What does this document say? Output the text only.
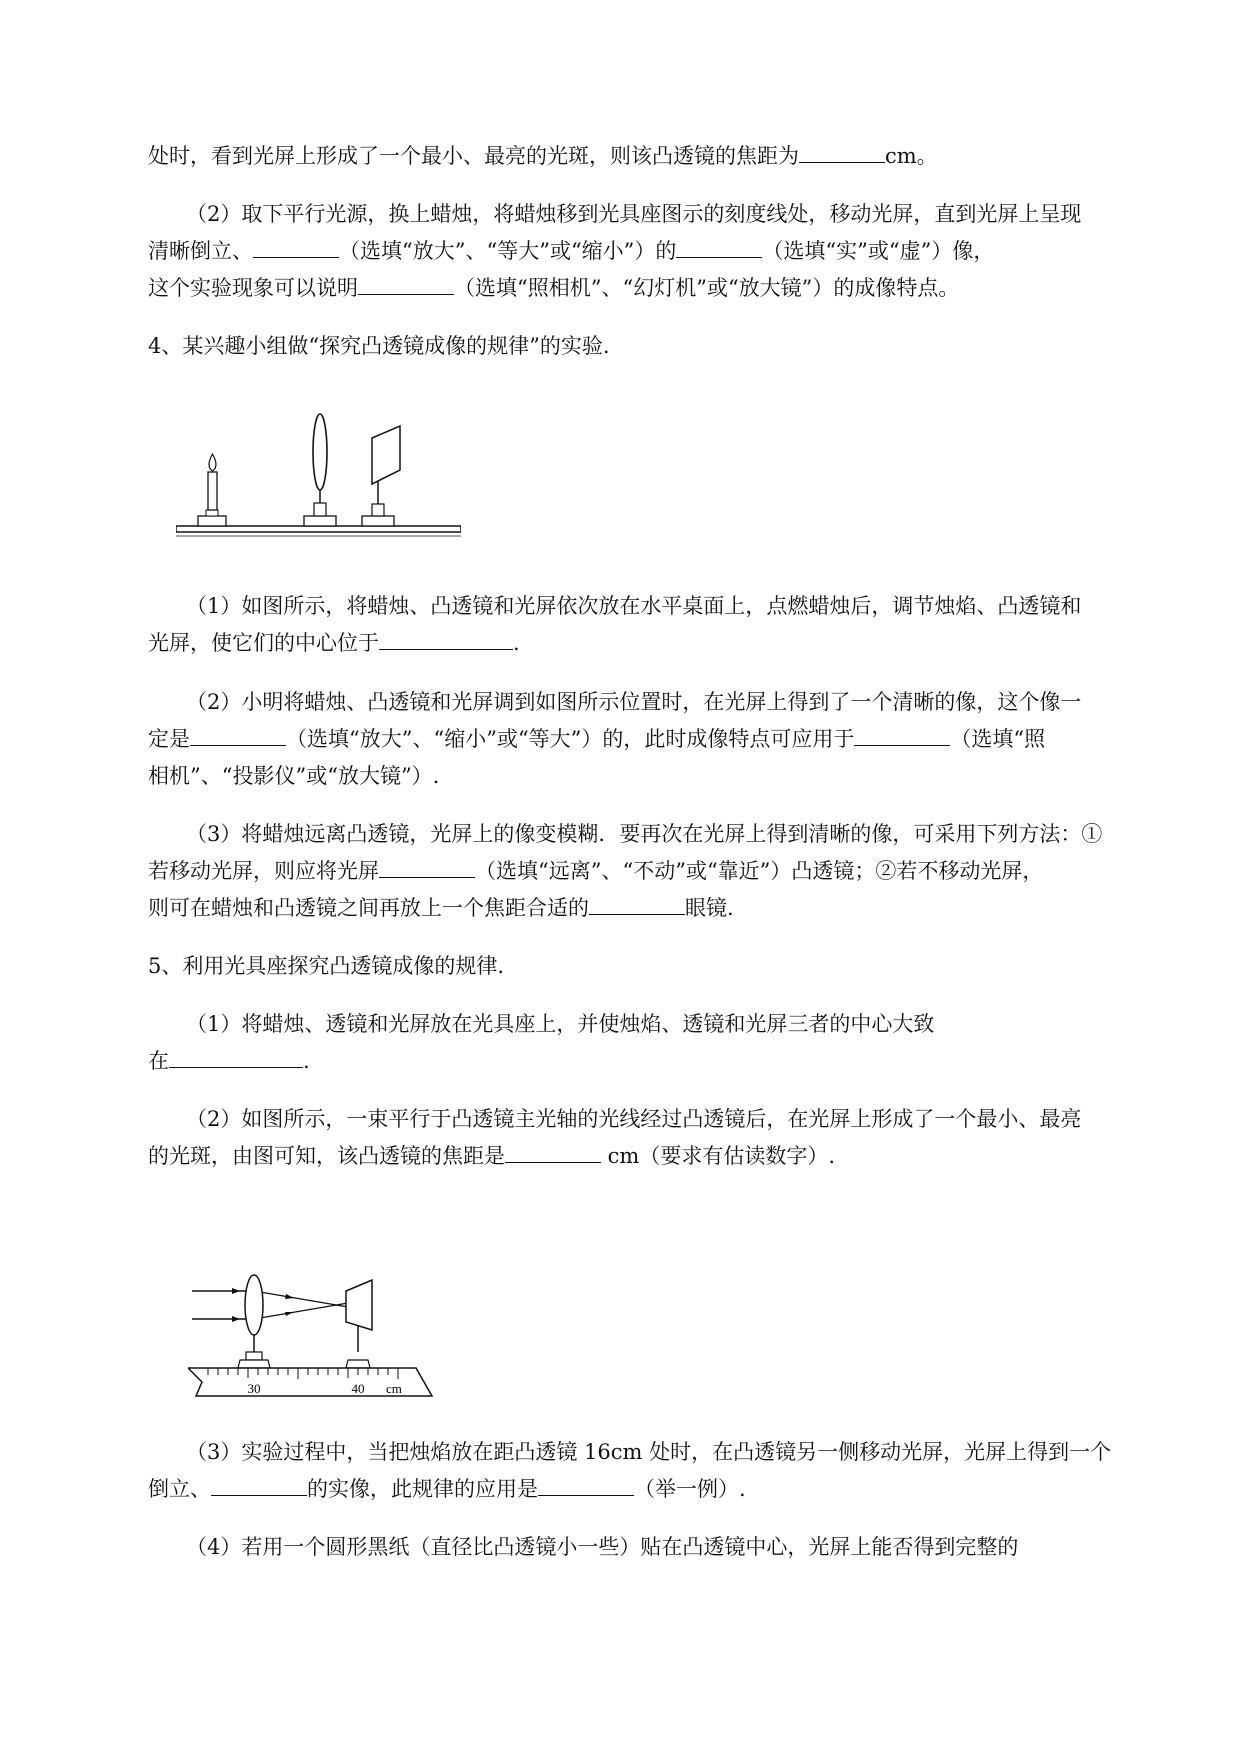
处时，看到光屏上形成了一个最小、最亮的光斑，则该凸透镜的焦距为	cm。
（2）取下平行光源，换上蜡烛，将蜡烛移到光具座图示的刻度线处，移动光屏，直到光屏上呈现
清晰倒立、	（选填“放大”、“等大”或“缩小”）的	（选填“实”或“虚”）像，
这个实验现象可以说明	（选填“照相机”、“幻灯机”或“放大镜”）的成像特点。
4、某兴趣小组做“探究凸透镜成像的规律”的实验.
（1）如图所示，将蜡烛、凸透镜和光屏依次放在水平桌面上，点燃蜡烛后，调节烛焰、凸透镜和
光屏，使它们的中心位于	.
（2）小明将蜡烛、凸透镜和光屏调到如图所示位置时，在光屏上得到了一个清晰的像，这个像一
定是	（选填“放大”、“缩小”或“等大”）的，此时成像特点可应用于	（选填“照
相机”、“投影仪”或“放大镜”）.
（3）将蜡烛远离凸透镜，光屏上的像变模糊．要再次在光屏上得到清晰的像，可采用下列方法：①
若移动光屏，则应将光屏	（选填“远离”、“不动”或“靠近”）凸透镜；②若不移动光屏，
则可在蜡烛和凸透镜之间再放上一个焦距合适的	眼镜.
5、利用光具座探究凸透镜成像的规律.
（1）将蜡烛、透镜和光屏放在光具座上，并使烛焰、透镜和光屏三者的中心大致
在	.
（2）如图所示，一束平行于凸透镜主光轴的光线经过凸透镜后，在光屏上形成了一个最小、最亮
的光斑，由图可知，该凸透镜的焦距是	cm（要求有估读数字）.
30	40 cm
（3）实验过程中，当把烛焰放在距凸透镜 16cm 处时，在凸透镜另一侧移动光屏，光屏上得到一个
倒立、	的实像，此规律的应用是	（举一例）.
（4）若用一个圆形黑纸（直径比凸透镜小一些）贴在凸透镜中心，光屏上能否得到完整的
